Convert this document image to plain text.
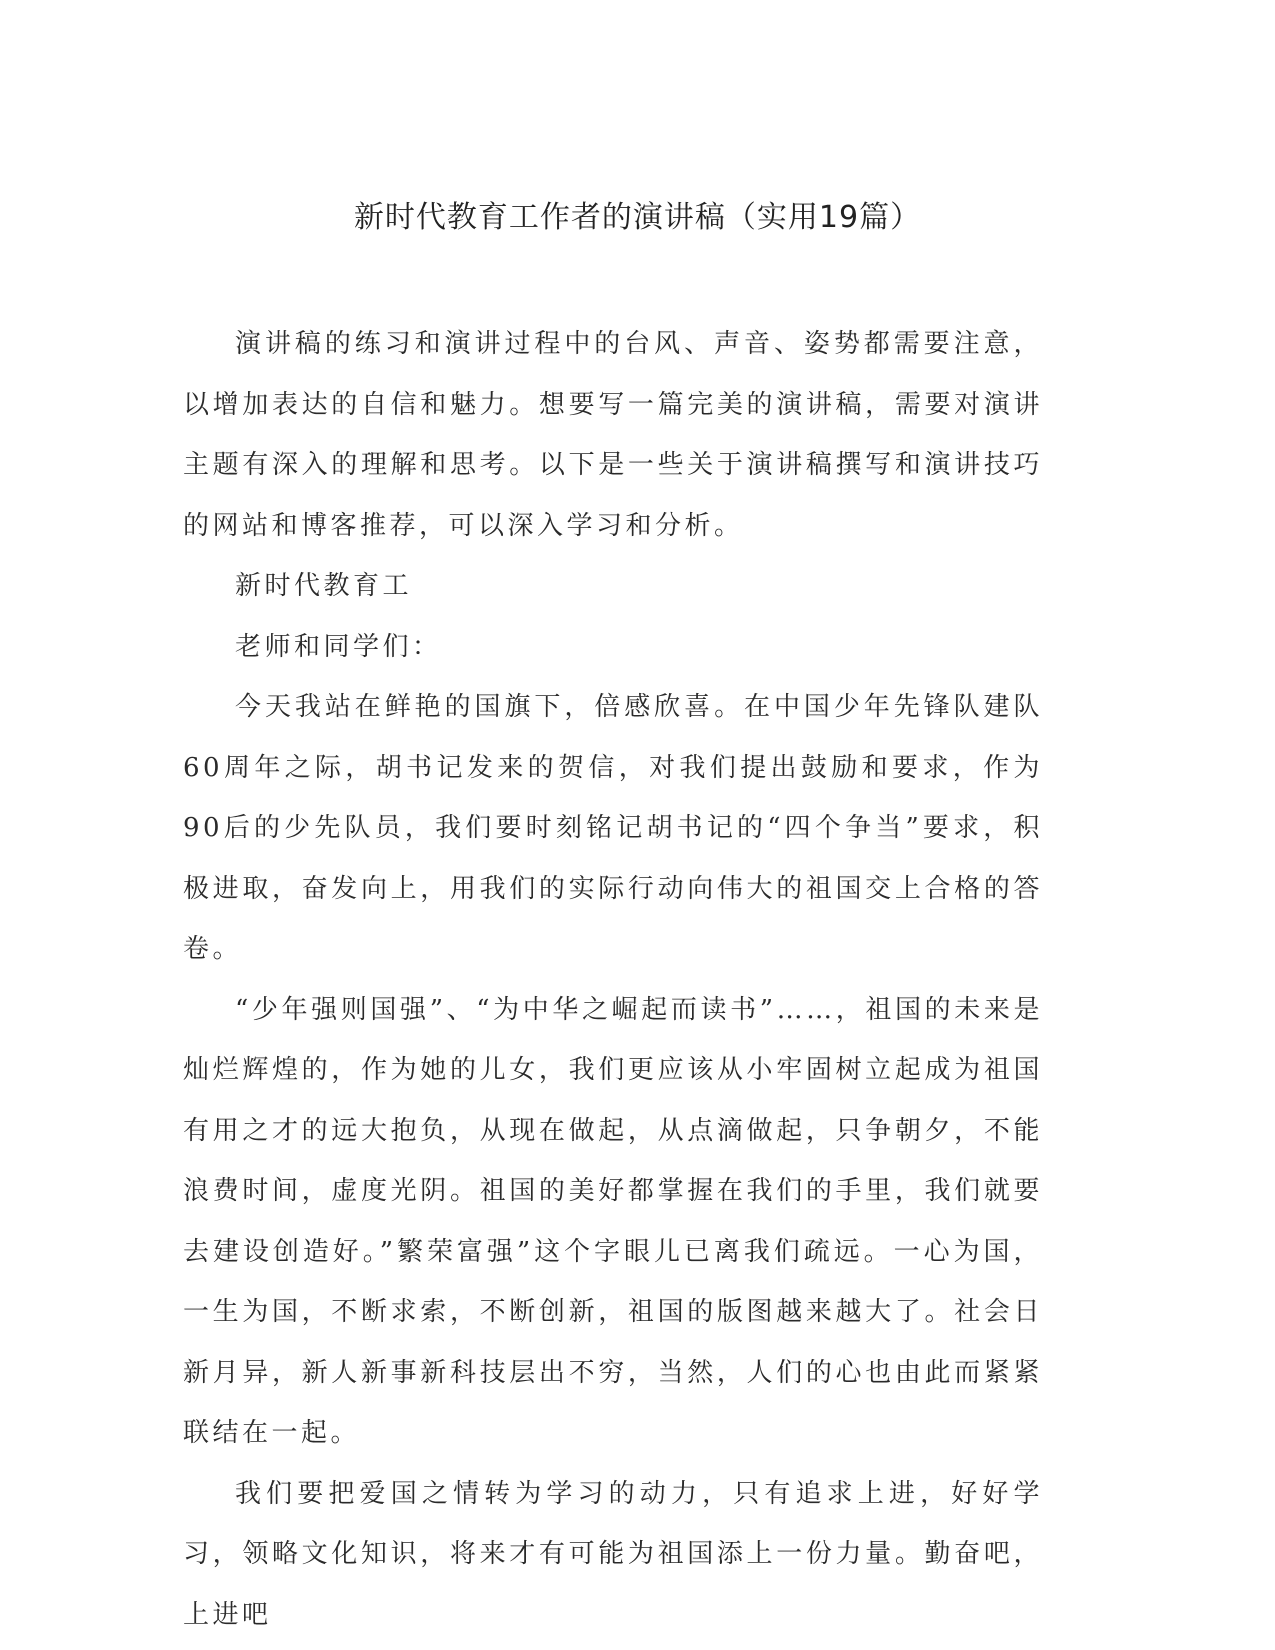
新时代教育工作者的演讲稿（实用19篇）

演讲稿的练习和演讲过程中的台风、声音、姿势都需要注意，以增加表达的自信和魅力。想要写一篇完美的演讲稿，需要对演讲主题有深入的理解和思考。以下是一些关于演讲稿撰写和演讲技巧的网站和博客推荐，可以深入学习和分析。

新时代教育工

老师和同学们：

今天我站在鲜艳的国旗下，倍感欣喜。在中国少年先锋队建队60周年之际，胡书记发来的贺信，对我们提出鼓励和要求，作为90后的少先队员，我们要时刻铭记胡书记的“四个争当”要求，积极进取，奋发向上，用我们的实际行动向伟大的祖国交上合格的答卷。

“少年强则国强”、“为中华之崛起而读书”……，祖国的未来是灿烂辉煌的，作为她的儿女，我们更应该从小牢固树立起成为祖国有用之才的远大抱负，从现在做起，从点滴做起，只争朝夕，不能浪费时间，虚度光阴。祖国的美好都掌握在我们的手里，我们就要去建设创造好。”繁荣富强”这个字眼儿已离我们疏远。一心为国，一生为国，不断求索，不断创新，祖国的版图越来越大了。社会日新月异，新人新事新科技层出不穷，当然，人们的心也由此而紧紧联结在一起。

我们要把爱国之情转为学习的动力，只有追求上进，好好学习，领略文化知识，将来才有可能为祖国添上一份力量。勤奋吧，上进吧
